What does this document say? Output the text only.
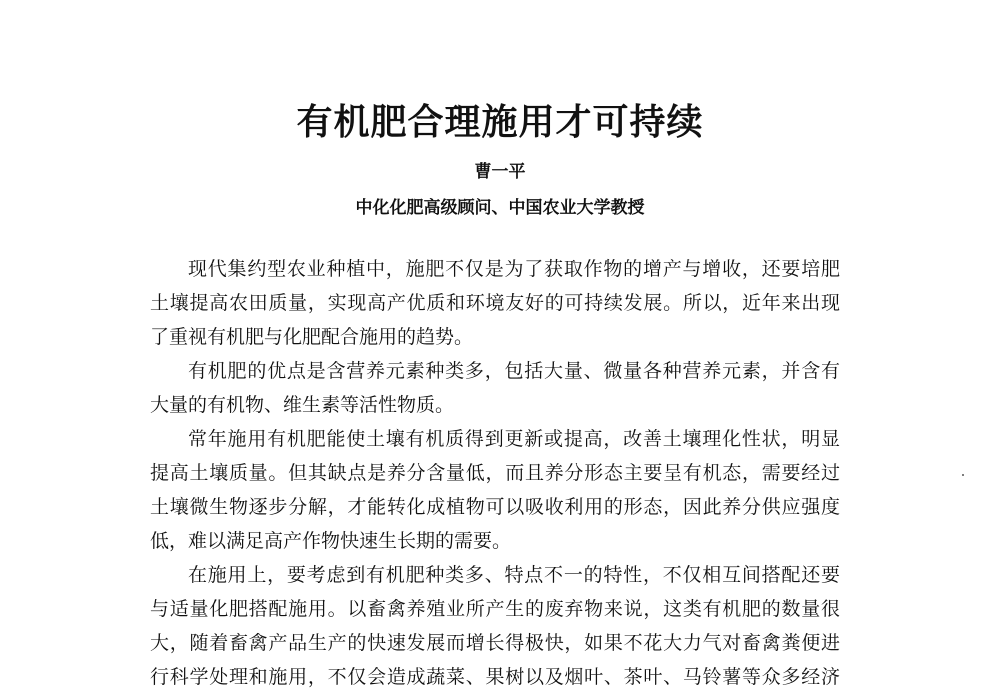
有机肥合理施用才可持续
曹一平
中化化肥高级顾问、中国农业大学教授
现代集约型农业种植中，施肥不仅是为了获取作物的增产与增收，还要培肥
土壤提高农田质量，实现高产优质和环境友好的可持续发展。所以，近年来出现
了重视有机肥与化肥配合施用的趋势。
有机肥的优点是含营养元素种类多，包括大量、微量各种营养元素，并含有
大量的有机物、维生素等活性物质。
常年施用有机肥能使土壤有机质得到更新或提高，改善土壤理化性状，明显
提高土壤质量。但其缺点是养分含量低，而且养分形态主要呈有机态，需要经过
土壤微生物逐步分解，才能转化成植物可以吸收利用的形态，因此养分供应强度
低，难以满足高产作物快速生长期的需要。
在施用上，要考虑到有机肥种类多、特点不一的特性，不仅相互间搭配还要
与适量化肥搭配施用。以畜禽养殖业所产生的废弃物来说，这类有机肥的数量很
大，随着畜禽产品生产的快速发展而增长得极快，如果不花大力气对畜禽粪便进
行科学处理和施用，不仅会造成蔬菜、果树以及烟叶、茶叶、马铃薯等众多经济
